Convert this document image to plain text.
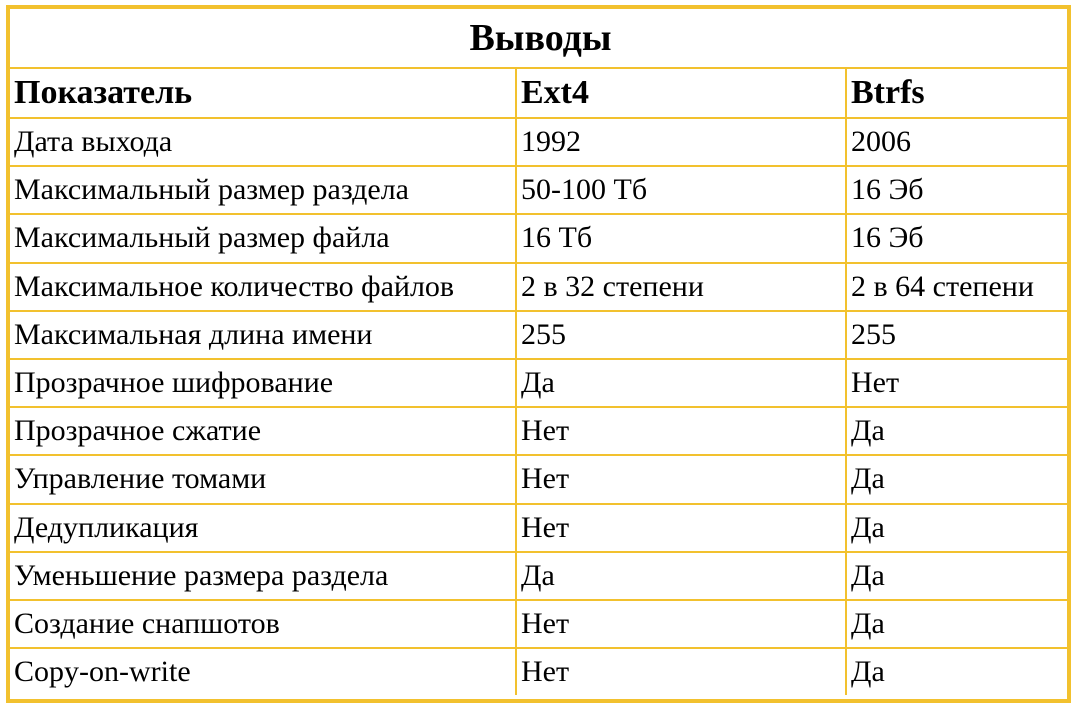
Выводы		
Показатель	Ext4	Btrfs
Дата выхода	1992	2006
Максимальный размер раздела	50-100 Тб	16 Эб
Максимальный размер файла	16 Тб	16 Эб
Максимальное количество файлов	2 в 32 степени	2 в 64 степени
Максимальная длина имени	255	255
Прозрачное шифрование	Да	Нет
Прозрачное сжатие	Нет	Да
Управление томами	Нет	Да
Дедупликация	Нет	Да
Уменьшение размера раздела	Да	Да
Создание снапшотов	Нет	Да
Copy-on-write	Нет	Да
